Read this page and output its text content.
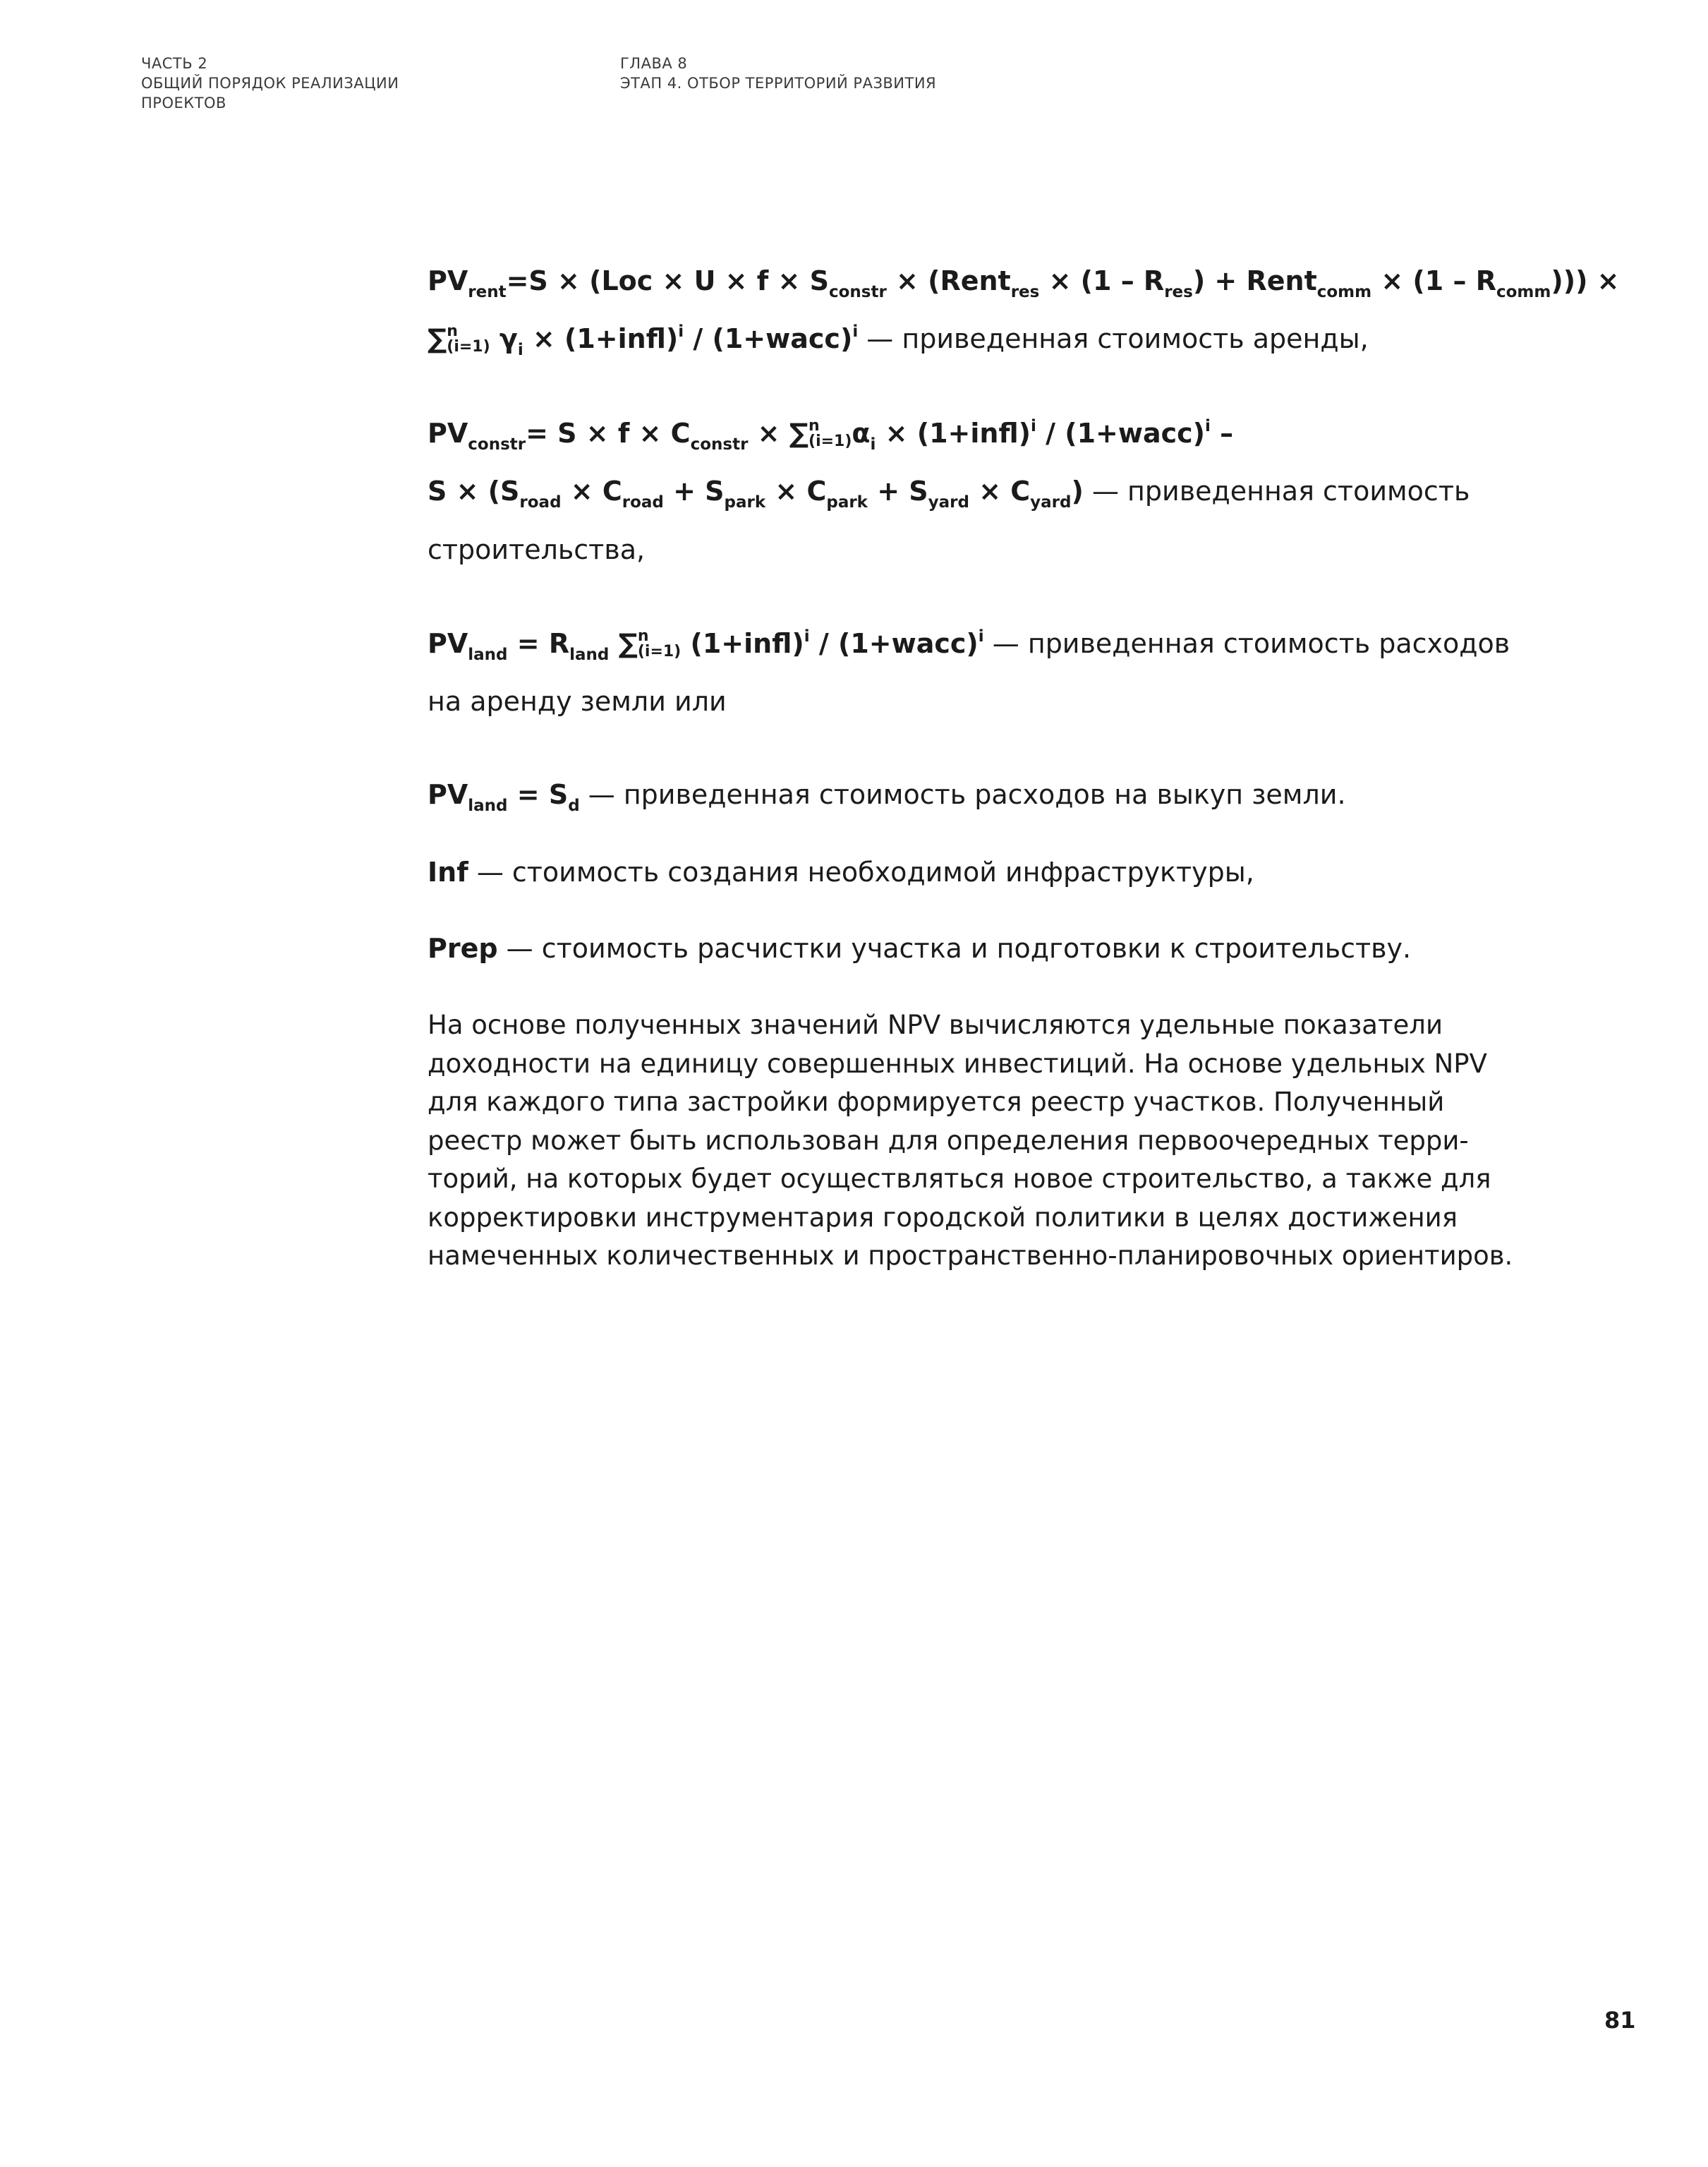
ЧАСТЬ 2
ОБЩИЙ ПОРЯДОК РЕАЛИЗАЦИИ
ПРОЕКТОВ
ГЛАВА 8
ЭТАП 4. ОТБОР ТЕРРИТОРИЙ РАЗВИТИЯ
$PV_{rent}=S \times (Loc \times U \times f \times S_{constr}$ × (Rent$_{res}$ × $(1 - R_{res})$ + Rent$_{comm}$ × $(1 - R_{comm})$)) ×
∑ n
(i=1) $\gamma_i$ × (1+infl)$^i$ / (1+wacc)$^i$ — приведенная стоимость аренды,
$PV_{constr}= S \times f \times C_{constr}$ × ∑ n
(i=1) $\alpha_i$ × (1+infl)$^i$ / (1+wacc)$^i$ –
$S \times (S_{road} \times C_{road} + S_{park} \times C_{park} + S_{yard} \times C_{yard})$ — приведенная стоимость
строительства,
$PV_{land} = R_{land}$ ∑ n
(i=1) (1+infl)$^i$ / (1+wacc)$^i$ — приведенная стоимость расходов
на аренду земли или
$PV_{land} = S_d$ — приведенная стоимость расходов на выкуп земли.
Inf — стоимость создания необходимой инфраструктуры,
Prep — стоимость расчистки участка и подготовки к строительству.
На основе полученных значений NPV вычисляются удельные показатели
доходности на единицу совершенных инвестиций. На основе удельных NPV
для каждого типа застройки формируется реестр участков. Полученный
реестр может быть использован для определения первоочередных терри-
торий, на которых будет осуществляться новое строительство, а также для
корректировки инструментария городской политики в целях достижения
намеченных количественных и пространственно-планировочных ориентиров.
81
